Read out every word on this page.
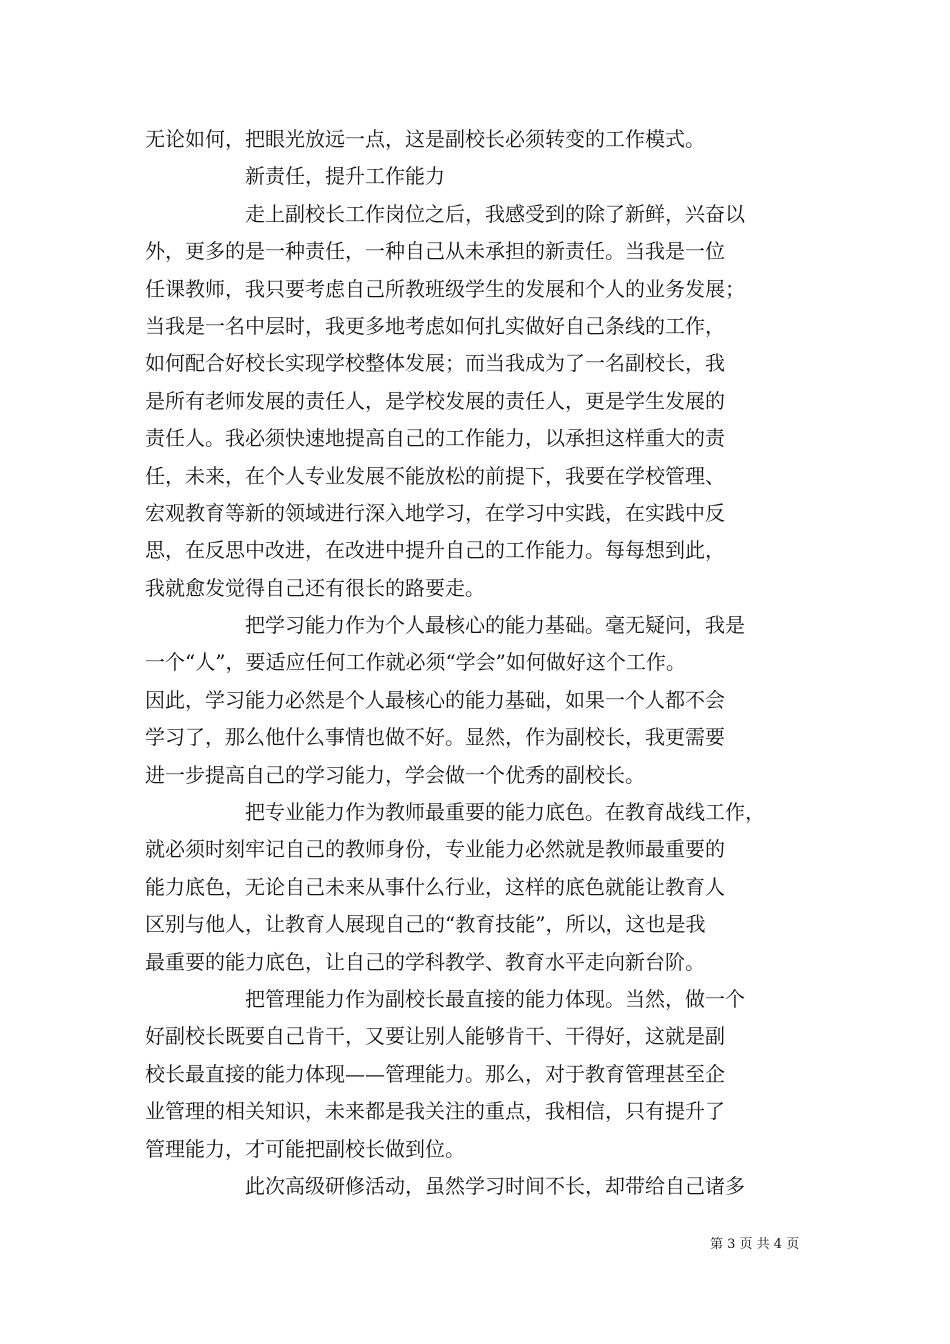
无论如何，把眼光放远一点，这是副校长必须转变的工作模式。
新责任，提升工作能力
走上副校长工作岗位之后，我感受到的除了新鲜，兴奋以
外，更多的是一种责任，一种自己从未承担的新责任。当我是一位
任课教师，我只要考虑自己所教班级学生的发展和个人的业务发展；
当我是一名中层时，我更多地考虑如何扎实做好自己条线的工作，
如何配合好校长实现学校整体发展；而当我成为了一名副校长，我
是所有老师发展的责任人，是学校发展的责任人，更是学生发展的
责任人。我必须快速地提高自己的工作能力，以承担这样重大的责
任，未来，在个人专业发展不能放松的前提下，我要在学校管理、
宏观教育等新的领域进行深入地学习，在学习中实践，在实践中反
思，在反思中改进，在改进中提升自己的工作能力。每每想到此，
我就愈发觉得自己还有很长的路要走。
把学习能力作为个人最核心的能力基础。毫无疑问，我是
一个“人”，要适应任何工作就必须“学会”如何做好这个工作。
因此，学习能力必然是个人最核心的能力基础，如果一个人都不会
学习了，那么他什么事情也做不好。显然，作为副校长，我更需要
进一步提高自己的学习能力，学会做一个优秀的副校长。
把专业能力作为教师最重要的能力底色。在教育战线工作，
就必须时刻牢记自己的教师身份，专业能力必然就是教师最重要的
能力底色，无论自己未来从事什么行业，这样的底色就能让教育人
区别与他人，让教育人展现自己的“教育技能”，所以，这也是我
最重要的能力底色，让自己的学科教学、教育水平走向新台阶。
把管理能力作为副校长最直接的能力体现。当然，做一个
好副校长既要自己肯干，又要让别人能够肯干、干得好，这就是副
校长最直接的能力体现——管理能力。那么，对于教育管理甚至企
业管理的相关知识，未来都是我关注的重点，我相信，只有提升了
管理能力，才可能把副校长做到位。
此次高级研修活动，虽然学习时间不长，却带给自己诸多
第 3 页 共 4 页
